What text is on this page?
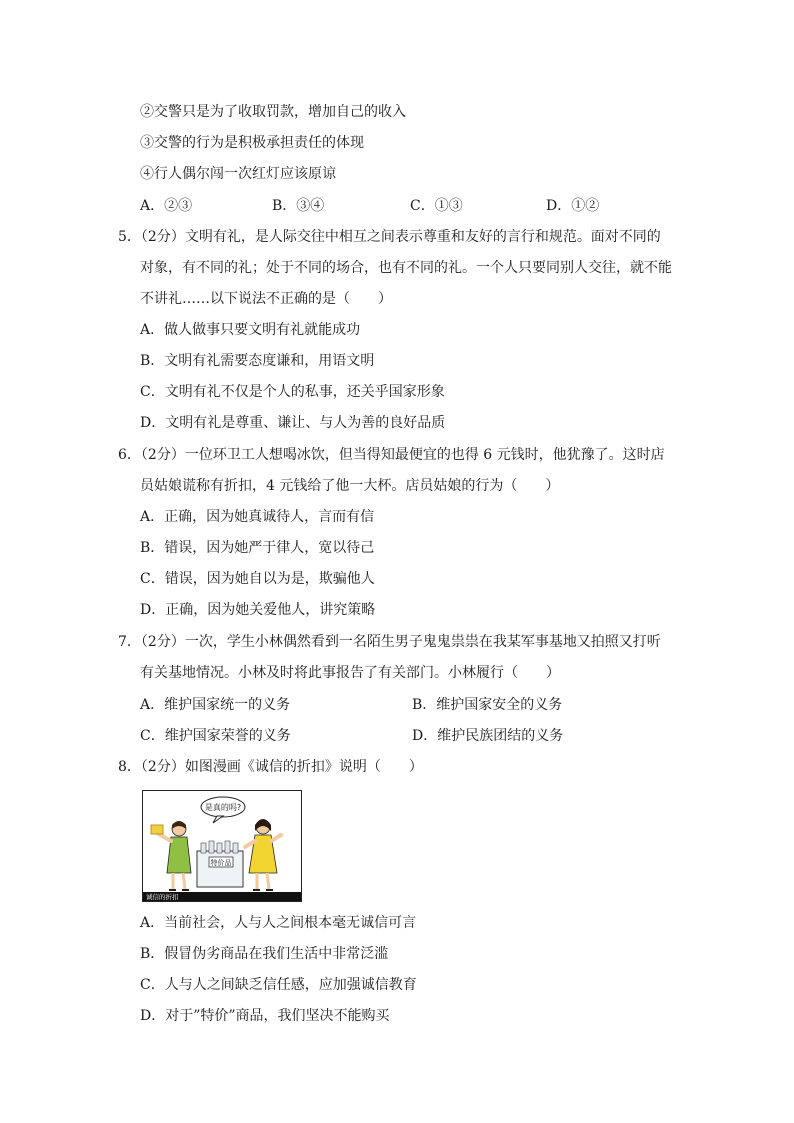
②交警只是为了收取罚款，增加自己的收入
③交警的行为是积极承担责任的体现
④行人偶尔闯一次红灯应该原谅
A．②③	B．③④	C．①③	D．①②
5．（2分）文明有礼，是人际交往中相互之间表示尊重和友好的言行和规范。面对不同的
对象，有不同的礼；处于不同的场合，也有不同的礼。一个人只要同别人交往，就不能
不讲礼……以下说法不正确的是（　　）
A．做人做事只要文明有礼就能成功
B．文明有礼需要态度谦和，用语文明
C．文明有礼不仅是个人的私事，还关乎国家形象
D．文明有礼是尊重、谦让、与人为善的良好品质
6．（2分）一位环卫工人想喝冰饮，但当得知最便宜的也得 6 元钱时，他犹豫了。这时店
员姑娘谎称有折扣，4 元钱给了他一大杯。店员姑娘的行为（　　）
A．正确，因为她真诚待人，言而有信
B．错误，因为她严于律人，宽以待己
C．错误，因为她自以为是，欺骗他人
D．正确，因为她关爱他人，讲究策略
7．（2分）一次，学生小林偶然看到一名陌生男子鬼鬼祟祟在我某军事基地又拍照又打听
有关基地情况。小林及时将此事报告了有关部门。小林履行（　　）
A．维护国家统一的义务	B．维护国家安全的义务
C．维护国家荣誉的义务	D．维护民族团结的义务
8．（2分）如图漫画《诚信的折扣》说明（　　）
是真的吗?
特价品
诚信的折扣
A．当前社会，人与人之间根本毫无诚信可言
B．假冒伪劣商品在我们生活中非常泛滥
C．人与人之间缺乏信任感，应加强诚信教育
D．对于”特价”商品，我们坚决不能购买
